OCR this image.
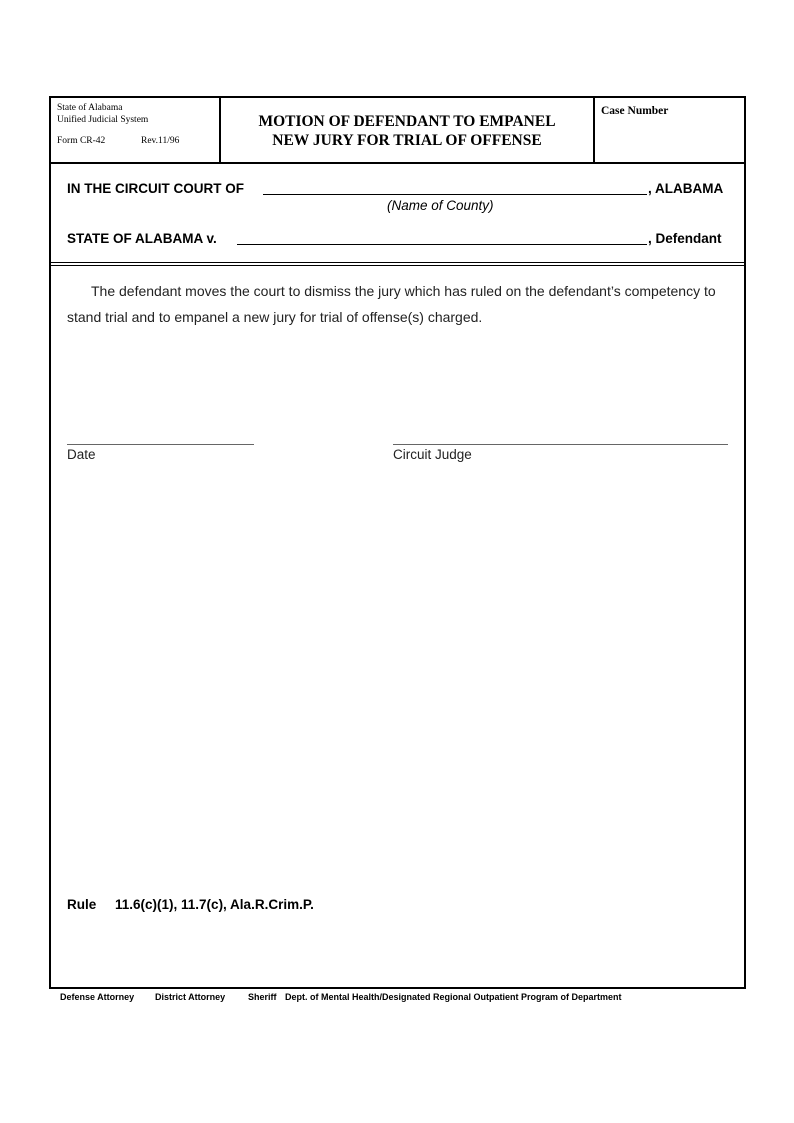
State of Alabama
Unified Judicial System
Form CR-42	Rev.11/96
MOTION OF DEFENDANT TO EMPANEL
NEW JURY FOR TRIAL OF OFFENSE
Case Number
IN THE CIRCUIT COURT OF	, ALABAMA
(Name of County)
STATE OF ALABAMA v.	, Defendant
The defendant moves the court to dismiss the jury which has ruled on the defendant’s competency to stand trial and to empanel a new jury for trial of offense(s) charged.
Date	Circuit Judge
Rule 11.6(c)(1), 11.7(c), Ala.R.Crim.P.
Defense Attorney District Attorney	Sheriff Dept. of Mental Health/Designated Regional Outpatient Program of Department
